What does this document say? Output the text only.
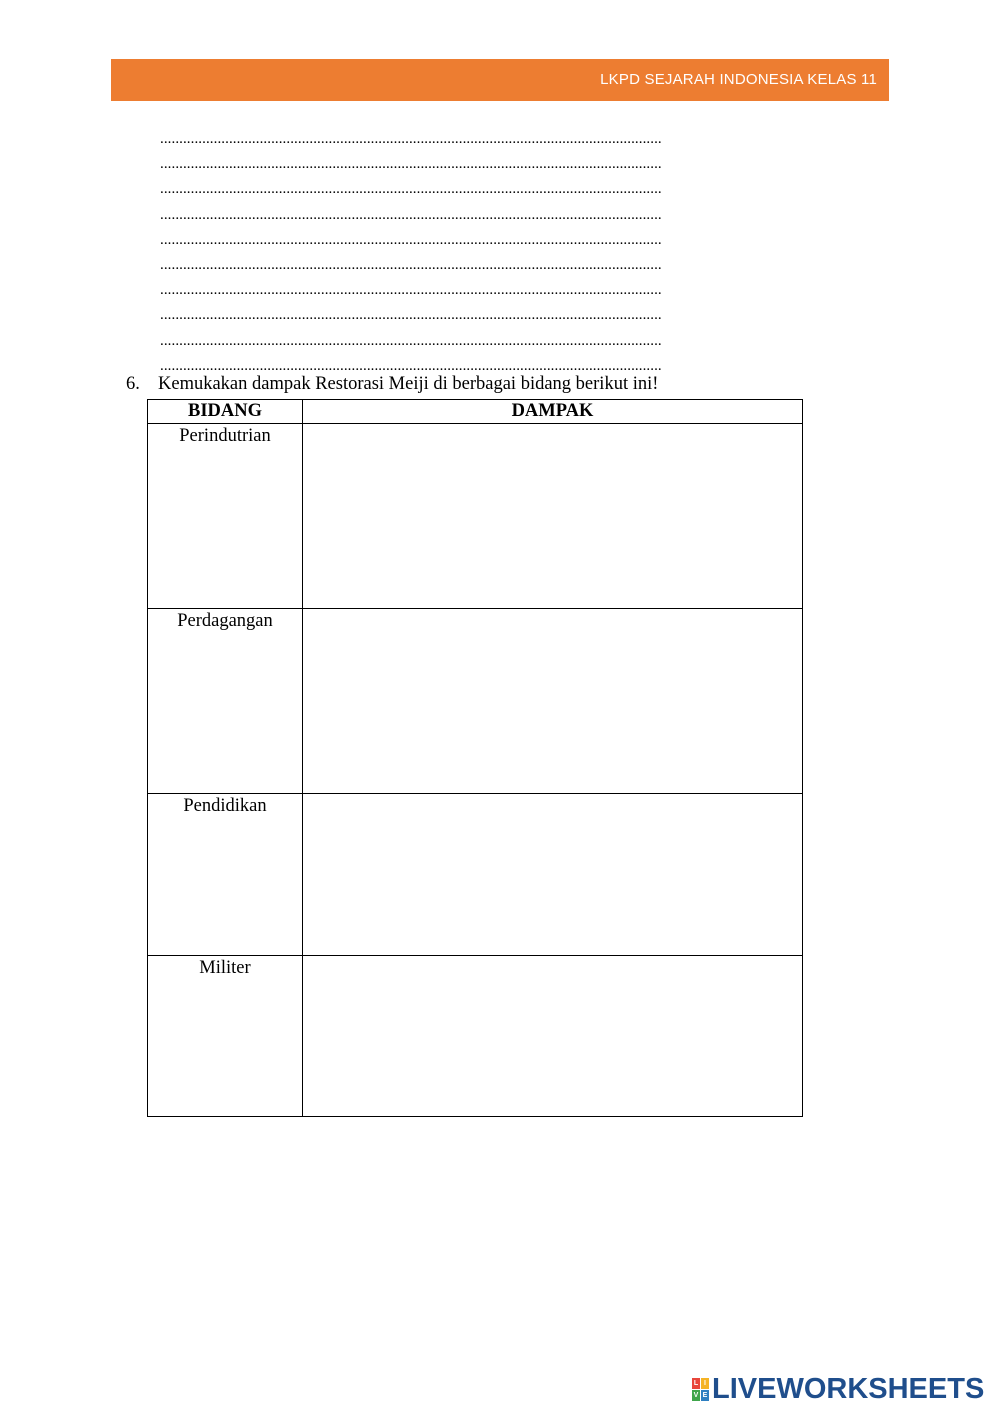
LKPD SEJARAH INDONESIA KELAS 11
...................................................................................................................................
...................................................................................................................................
...................................................................................................................................
...................................................................................................................................
...................................................................................................................................
...................................................................................................................................
...................................................................................................................................
...................................................................................................................................
...................................................................................................................................
...................................................................................................................................
6. Kemukakan dampak Restorasi Meiji di berbagai bidang berikut ini!
BIDANG	DAMPAK
Perindutrian	
Perdagangan	
Pendidikan	
Militer	
L I
V E LIVEWORKSHEETS
